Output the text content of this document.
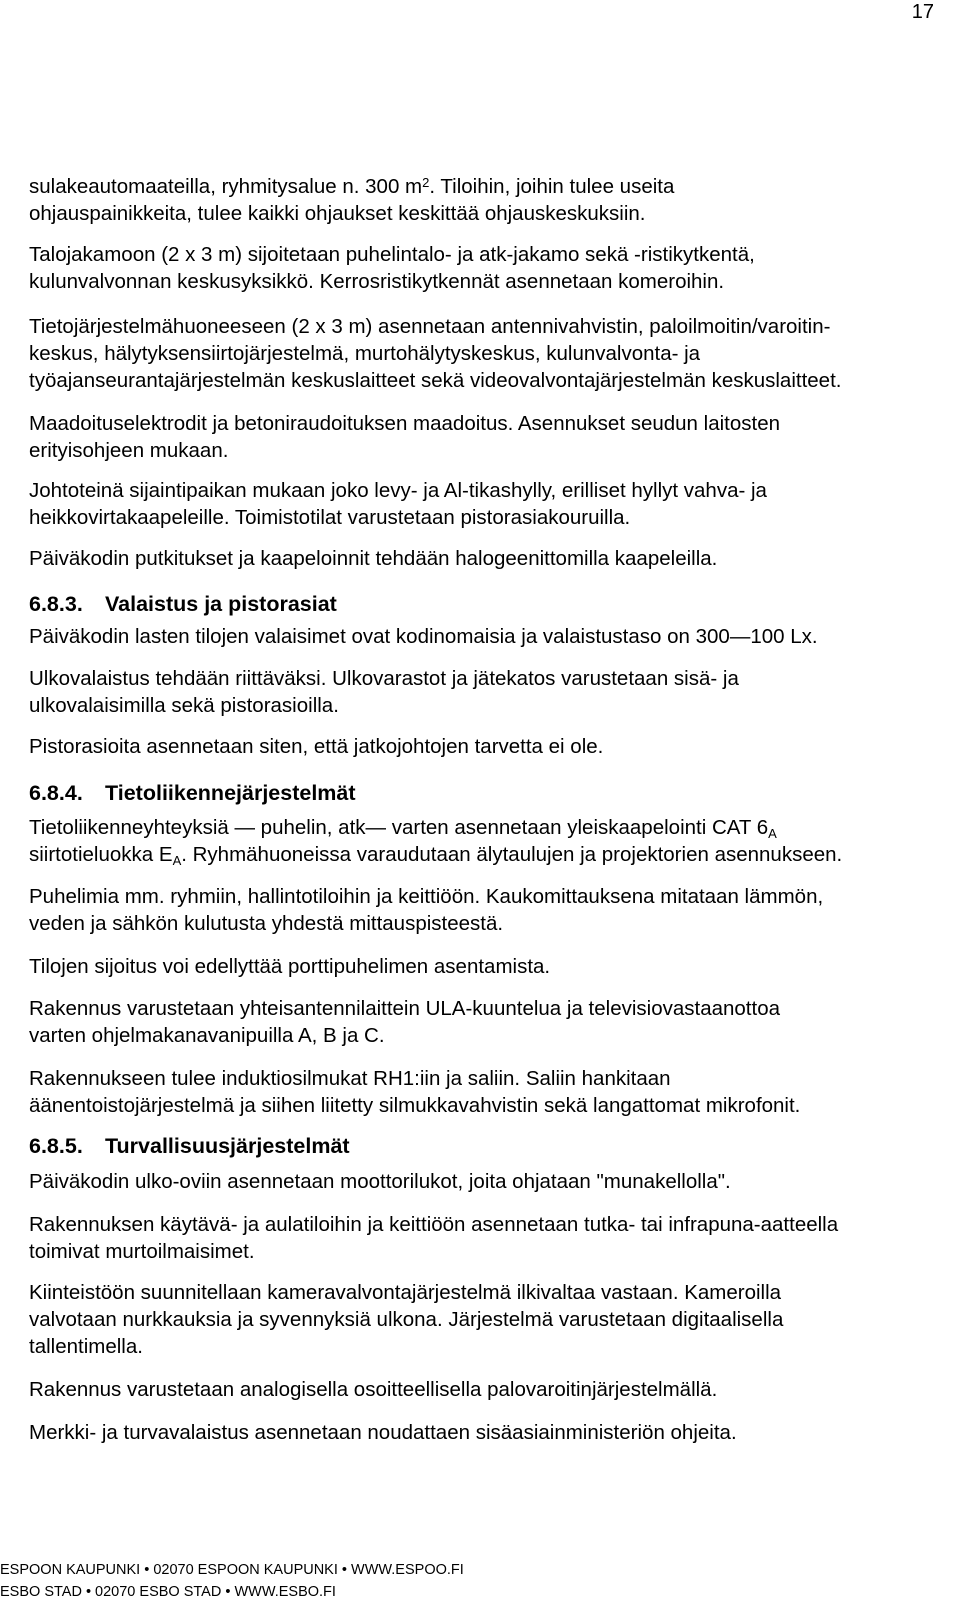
17
sulakeautomaateilla, ryhmitysalue n. 300 $m^2$. Tiloihin, joihin tulee useita
ohjauspainikkeita, tulee kaikki ohjaukset keskittää ohjauskeskuksiin.
Talojakamoon (2 x 3 m) sijoitetaan puhelintalo- ja atk-jakamo sekä -ristikytkentä,
kulunvalvonnan keskusyksikkö. Kerrosristikytkennät asennetaan komeroihin.
Tietojärjestelmähuoneeseen (2 x 3 m) asennetaan antennivahvistin, paloilmoitin/varoitin-
keskus, hälytyksensiirtojärjestelmä, murtohälytyskeskus, kulunvalvonta- ja
työajanseurantajärjestelmän keskuslaitteet sekä videovalvontajärjestelmän keskuslaitteet.
Maadoituselektrodit ja betoniraudoituksen maadoitus. Asennukset seudun laitosten
erityisohjeen mukaan.
Johtoteinä sijaintipaikan mukaan joko levy- ja Al-tikashylly, erilliset hyllyt vahva- ja
heikkovirtakaapeleille. Toimistotilat varustetaan pistorasiakouruilla.
Päiväkodin putkitukset ja kaapeloinnit tehdään halogeenittomilla kaapeleilla.
6.8.3. Valaistus ja pistorasiat
Päiväkodin lasten tilojen valaisimet ovat kodinomaisia ja valaistustaso on 300—100 Lx.
Ulkovalaistus tehdään riittäväksi. Ulkovarastot ja jätekatos varustetaan sisä- ja
ulkovalaisimilla sekä pistorasioilla.
Pistorasioita asennetaan siten, että jatkojohtojen tarvetta ei ole.
6.8.4. Tietoliikennejärjestelmät
Tietoliikenneyhteyksiä — puhelin, atk— varten asennetaan yleiskaapelointi CAT $6_A$
siirtotieluokka $E_A$. Ryhmähuoneissa varaudutaan älytaulujen ja projektorien asennukseen.
Puhelimia mm. ryhmiin, hallintotiloihin ja keittiöön. Kaukomittauksena mitataan lämmön,
veden ja sähkön kulutusta yhdestä mittauspisteestä.
Tilojen sijoitus voi edellyttää porttipuhelimen asentamista.
Rakennus varustetaan yhteisantennilaittein ULA-kuuntelua ja televisiovastaanottoa
varten ohjelmakanavanipuilla A, B ja C.
Rakennukseen tulee induktiosilmukat RH1:iin ja saliin. Saliin hankitaan
äänentoistojärjestelmä ja siihen liitetty silmukkavahvistin sekä langattomat mikrofonit.
6.8.5. Turvallisuusjärjestelmät
Päiväkodin ulko-oviin asennetaan moottorilukot, joita ohjataan "munakellolla".
Rakennuksen käytävä- ja aulatiloihin ja keittiöön asennetaan tutka- tai infrapuna-aatteella
toimivat murtoilmaisimet.
Kiinteistöön suunnitellaan kameravalvontajärjestelmä ilkivaltaa vastaan. Kameroilla
valvotaan nurkkauksia ja syvennyksiä ulkona. Järjestelmä varustetaan digitaalisella
tallentimella.
Rakennus varustetaan analogisella osoitteellisella palovaroitinjärjestelmällä.
Merkki- ja turvavalaistus asennetaan noudattaen sisäasiainministeriön ohjeita.
ESPOON KAUPUNKI • 02070 ESPOON KAUPUNKI • WWW.ESPOO.FI
ESBO STAD • 02070 ESBO STAD • WWW.ESBO.FI
